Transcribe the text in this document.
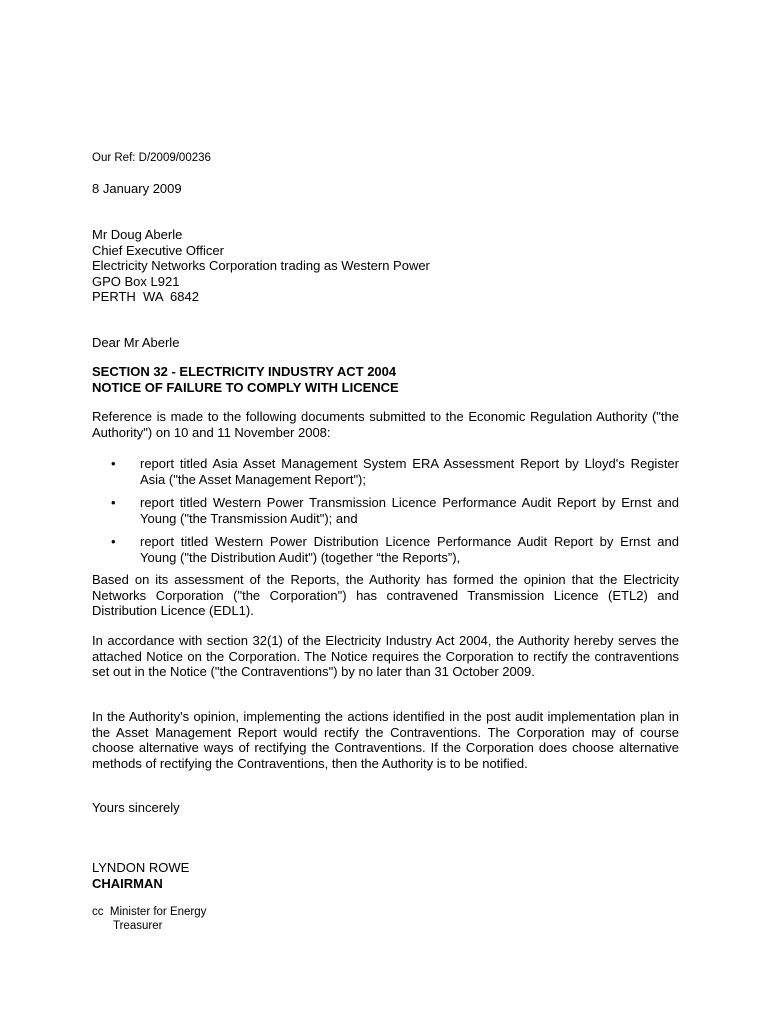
Our Ref: D/2009/00236
8 January 2009
Mr Doug Aberle
Chief Executive Officer
Electricity Networks Corporation trading as Western Power
GPO Box L921
PERTH  WA  6842
Dear Mr Aberle
SECTION 32 - ELECTRICITY INDUSTRY ACT 2004
NOTICE OF FAILURE TO COMPLY WITH LICENCE

Reference is made to the following documents submitted to the Economic Regulation Authority ("the Authority") on 10 and 11 November 2008:

• report titled Asia Asset Management System ERA Assessment Report by Lloyd's Register Asia ("the Asset Management Report");
• report titled Western Power Transmission Licence Performance Audit Report by Ernst and Young ("the Transmission Audit"); and
• report titled Western Power Distribution Licence Performance Audit Report by Ernst and Young ("the Distribution Audit") (together “the Reports”),

Based on its assessment of the Reports, the Authority has formed the opinion that the Electricity Networks Corporation ("the Corporation") has contravened Transmission Licence (ETL2) and Distribution Licence (EDL1).

In accordance with section 32(1) of the Electricity Industry Act 2004, the Authority hereby serves the attached Notice on the Corporation. The Notice requires the Corporation to rectify the contraventions set out in the Notice ("the Contraventions") by no later than 31 October 2009.

In the Authority's opinion, implementing the actions identified in the post audit implementation plan in the Asset Management Report would rectify the Contraventions. The Corporation may of course choose alternative ways of rectifying the Contraventions. If the Corporation does choose alternative methods of rectifying the Contraventions, then the Authority is to be notified.

Yours sincerely
LYNDON ROWE
CHAIRMAN
cc  Minister for Energy
Treasurer
